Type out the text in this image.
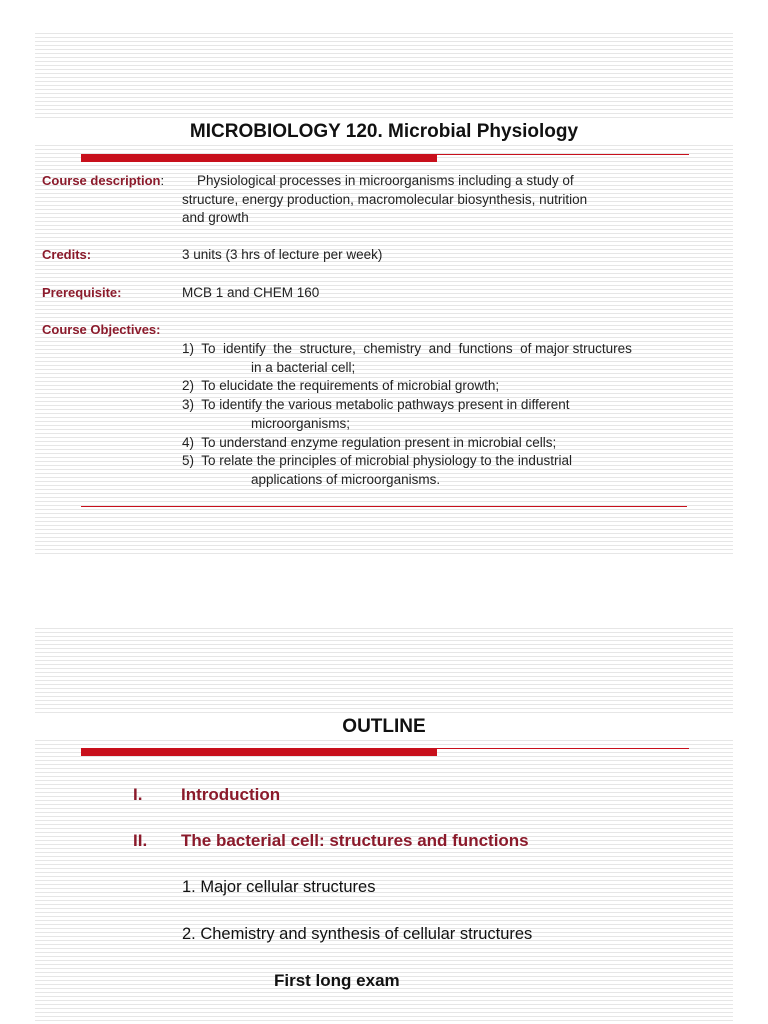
MICROBIOLOGY 120. Microbial Physiology
Course description: Physiological processes in microorganisms including a study of
structure, energy production, macromolecular biosynthesis, nutrition
and growth
Credits:	3 units (3 hrs of lecture per week)
Prerequisite:	MCB 1 and CHEM 160
Course Objectives:
1)  To  identify  the  structure,  chemistry  and  functions  of major structures
in a bacterial cell;
2)  To elucidate the requirements of microbial growth;
3)  To identify the various metabolic pathways present in different
microorganisms;
4)  To understand enzyme regulation present in microbial cells;
5)  To relate the principles of microbial physiology to the industrial
applications of microorganisms.
OUTLINE
I. Introduction
II. The bacterial cell: structures and functions
1. Major cellular structures
2. Chemistry and synthesis of cellular structures
First long exam
